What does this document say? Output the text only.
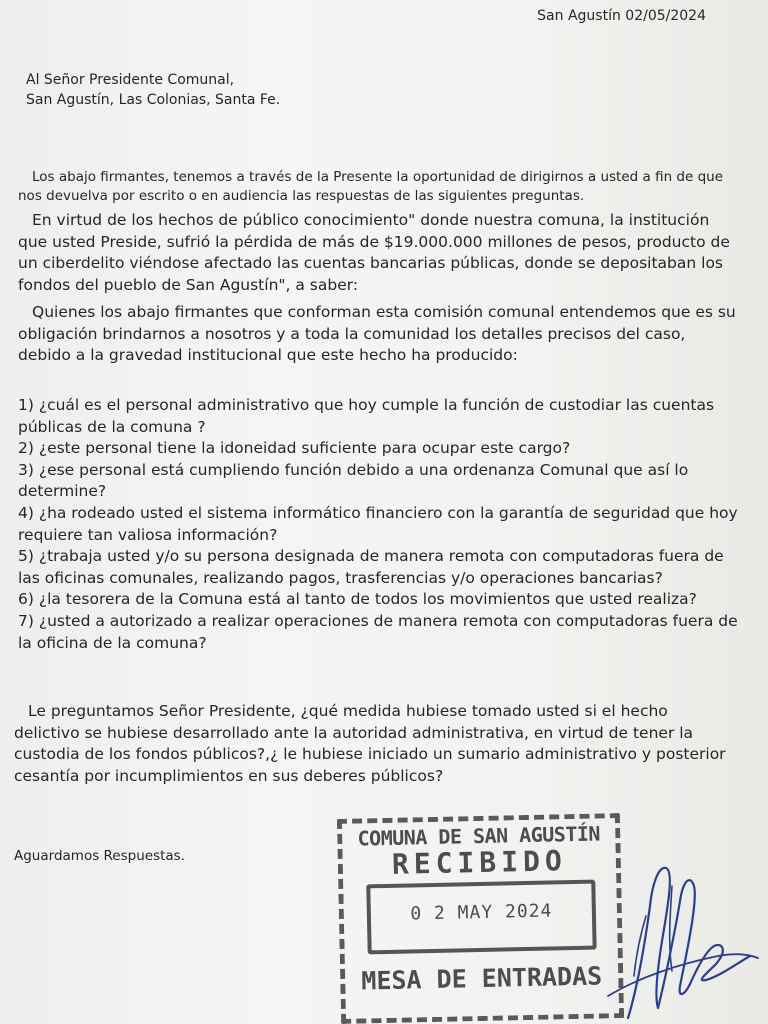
San Agustín 02/05/2024
Al Señor Presidente Comunal,
San Agustín, Las Colonias, Santa Fe.
Los abajo firmantes, tenemos a través de la Presente la oportunidad de dirigirnos a usted a fin de que nos devuelva por escrito o en audiencia las respuestas de las siguientes preguntas.
En virtud de los hechos de público conocimiento" donde nuestra comuna, la institución que usted Preside, sufrió la pérdida de más de $19.000.000 millones de pesos, producto de un ciberdelito viéndose afectado las cuentas bancarias públicas, donde se depositaban los fondos del pueblo de San Agustín", a saber:
Quienes los abajo firmantes que conforman esta comisión comunal entendemos que es su obligación brindarnos a nosotros y a toda la comunidad los detalles precisos del caso, debido a la gravedad institucional que este hecho ha producido:
1) ¿cuál es el personal administrativo que hoy cumple la función de custodiar las cuentas públicas de la comuna ?
2) ¿este personal tiene la idoneidad suficiente para ocupar este cargo?
3) ¿ese personal está cumpliendo función debido a una ordenanza Comunal que así lo determine?
4) ¿ha rodeado usted el sistema informático financiero con la garantía de seguridad que hoy requiere tan valiosa información?
5) ¿trabaja usted y/o su persona designada de manera remota con computadoras fuera de las oficinas comunales, realizando pagos, trasferencias y/o operaciones bancarias?
6) ¿la tesorera de la Comuna está al tanto de todos los movimientos que usted realiza?
7) ¿usted a autorizado a realizar operaciones de manera remota con computadoras fuera de la oficina de la comuna?
Le preguntamos Señor Presidente, ¿qué medida hubiese tomado usted si el hecho delictivo se hubiese desarrollado ante la autoridad administrativa, en virtud de tener la custodia de los fondos públicos?,¿ le hubiese iniciado un sumario administrativo y posterior cesantía por incumplimientos en sus deberes públicos?
Aguardamos Respuestas.
COMUNA DE SAN AGUSTÍN
RECIBIDO
0 2 MAY 2024
MESA DE ENTRADAS
